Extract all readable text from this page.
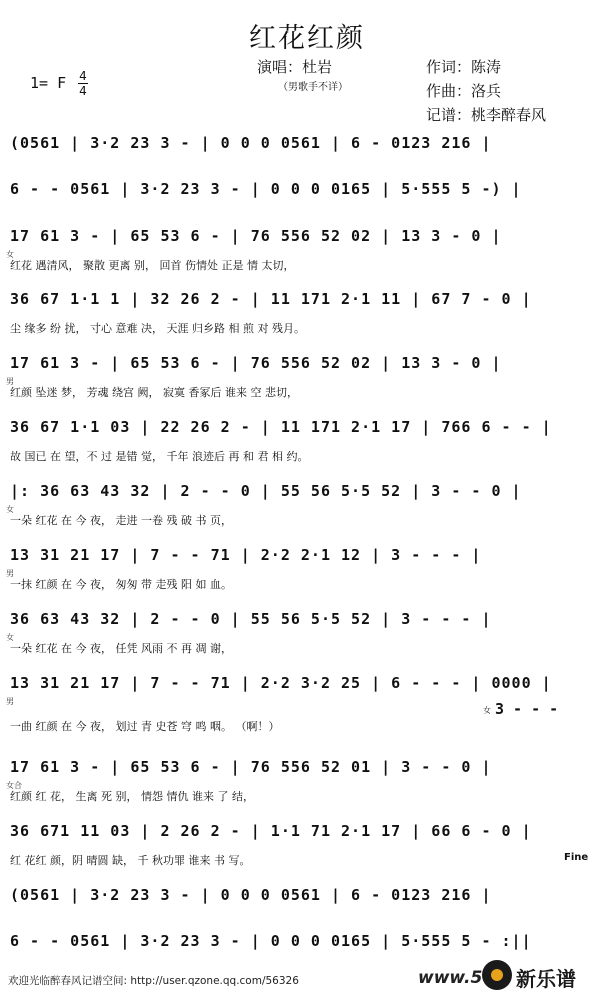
红花红颜
1= F 4
4
演唱：杜岩
（男歌手不详）
作词：陈涛
作曲：洛兵
记谱：桃李醉春风
(0561 | 3·2 23 3 - | 0 0 0 0561 | 6 - 0123 216 |
6 - - 0561 | 3·2 23 3 - | 0 0 0 0165 | 5·555 5 -) |
17 61 3 - | 65 53 6 - | 76 556 52 02 | 13 3 - 0 |
女
红花 遇清风， 聚散 更离 别， 回首 伤情处 正是 情 太切，
36 67 1·1 1 | 32 26 2 - | 11 171 2·1 11 | 67 7 - 0 |
尘 缘多 纷 扰， 寸心 意难 决， 天涯 归乡路 相 煎 对 残月。
17 61 3 - | 65 53 6 - | 76 556 52 02 | 13 3 - 0 |
男
红颜 坠迷 梦， 芳魂 绕宫 阙， 寂寞 香冢后 谁来 空 悲切，
36 67 1·1 03 | 22 26 2 - | 11 171 2·1 17 | 766 6 - - |
故 国已 在 望，不 过 是错 觉， 千年 浪迹后 再 和 君 相 约。
|: 36 63 43 32 | 2 - - 0 | 55 56 5·5 52 | 3 - - 0 |
女
一朵 红花 在 今 夜， 走进 一卷 残 破 书 页，
13 31 21 17 | 7 - - 71 | 2·2 2·1 12 | 3 - - - |
男
一抹 红颜 在 今 夜， 匆匆 带 走残 阳 如 血。
36 63 43 32 | 2 - - 0 | 55 56 5·5 52 | 3 - - - |
女
一朵 红花 在 今 夜， 任凭 风雨 不 再 凋 谢，
13 31 21 17 | 7 - - 71 | 2·2 3·2 25 | 6 - - - | 0000 |
男
一曲 红颜 在 今 夜， 划过 青 史苍 穹 鸣 咽。 （啊！）
女 3 - - -
17 61 3 - | 65 53 6 - | 76 556 52 01 | 3 - - 0 |
女合
红颜 红 花， 生离 死 别， 情怨 情仇 谁来 了 结，
36 671 11 03 | 2 26 2 - | 1·1 71 2·1 17 | 66 6 - 0 |
红 花红 颜，阴 晴圆 缺， 千 秋功罪 谁来 书 写。	Fine
(0561 | 3·2 23 3 - | 0 0 0 0561 | 6 - 0123 216 |
6 - - 0561 | 3·2 23 3 - | 0 0 0 0165 | 5·555 5 - :||
欢迎光临醉春风记谱空间: http://user.qzone.qq.com/56326	www.5 新乐谱
